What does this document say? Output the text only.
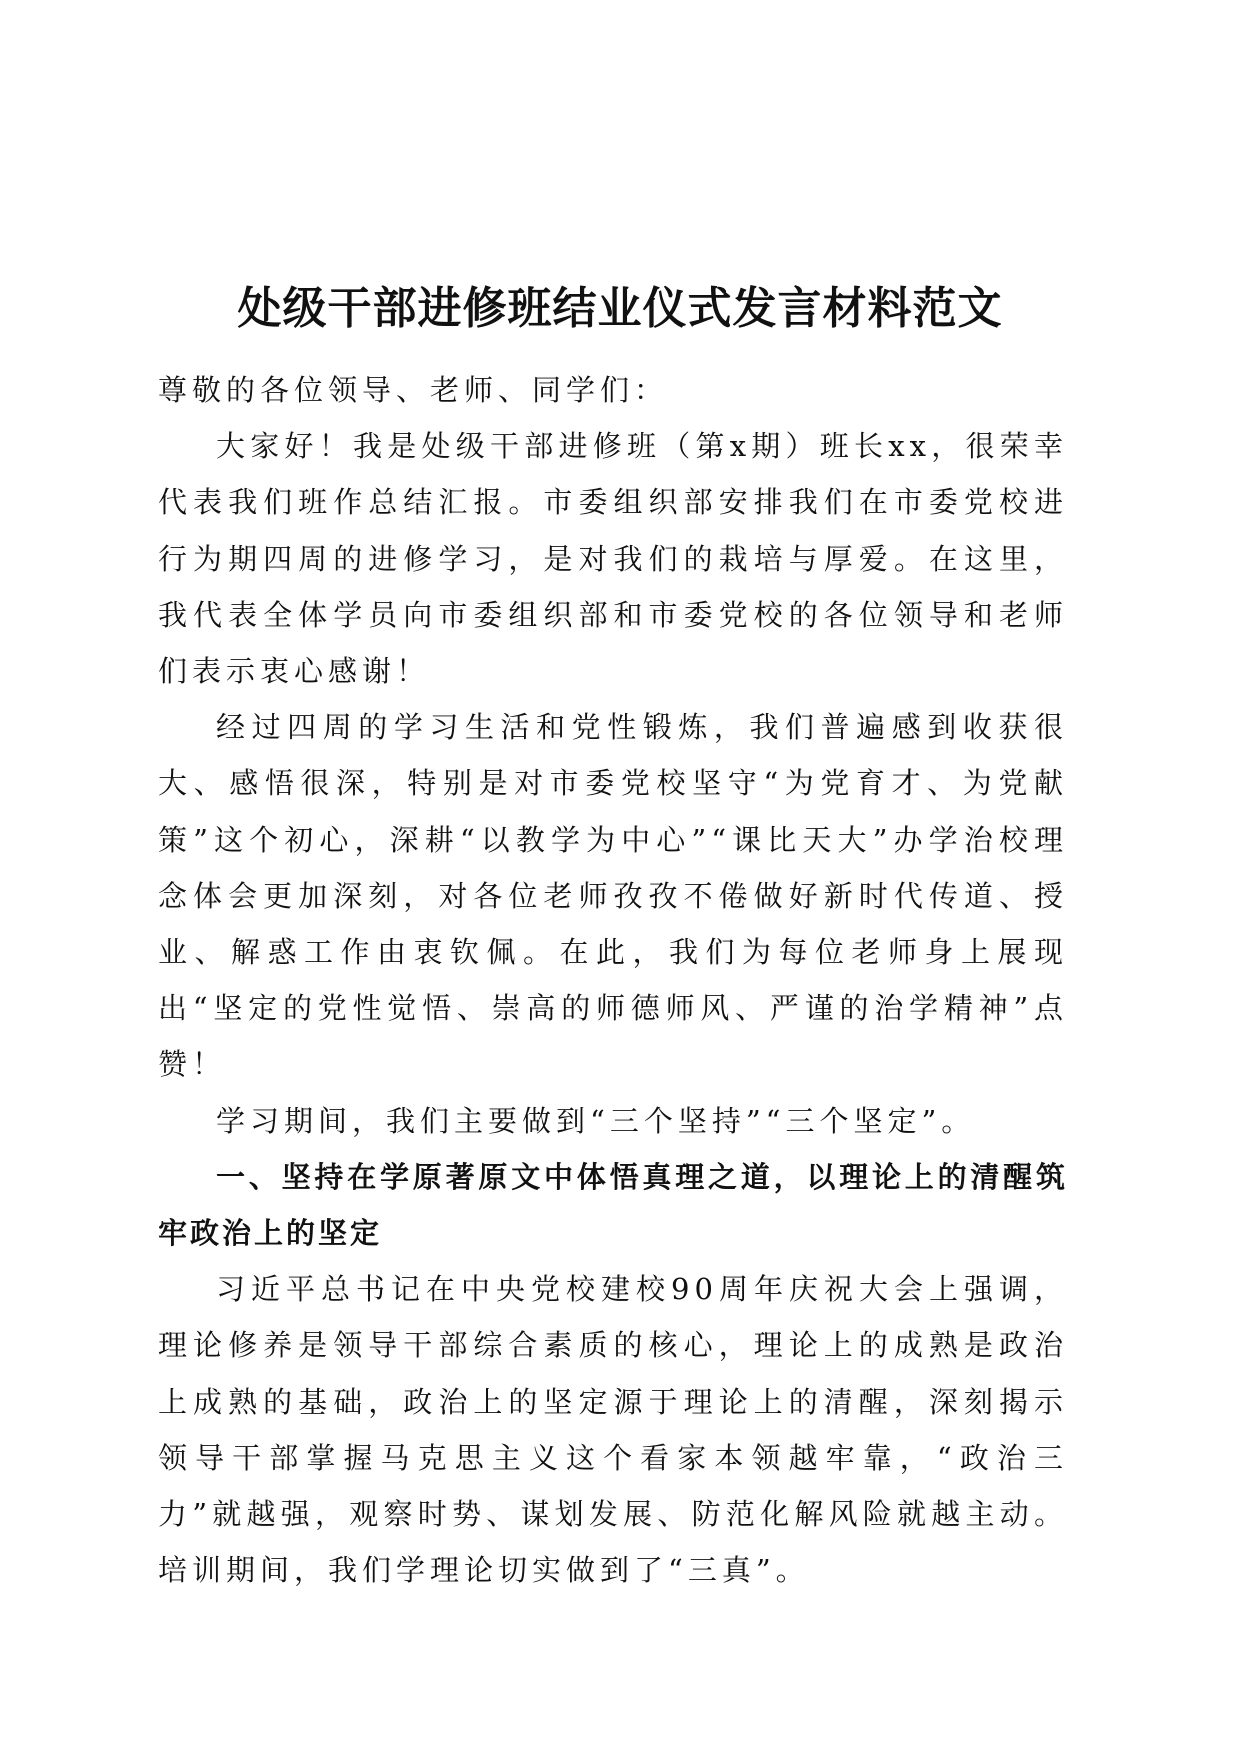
处级干部进修班结业仪式发言材料范文

尊敬的各位领导、老师、同学们：

大家好！我是处级干部进修班（第x期）班长xx，很荣幸代表我们班作总结汇报。市委组织部安排我们在市委党校进行为期四周的进修学习，是对我们的栽培与厚爱。在这里，我代表全体学员向市委组织部和市委党校的各位领导和老师们表示衷心感谢！

经过四周的学习生活和党性锻炼，我们普遍感到收获很大、感悟很深，特别是对市委党校坚守“为党育才、为党献策”这个初心，深耕“以教学为中心”“课比天大”办学治校理念体会更加深刻，对各位老师孜孜不倦做好新时代传道、授业、解惑工作由衷钦佩。在此，我们为每位老师身上展现出“坚定的党性觉悟、崇高的师德师风、严谨的治学精神”点赞！

学习期间，我们主要做到“三个坚持”“三个坚定”。

一、坚持在学原著原文中体悟真理之道，以理论上的清醒筑牢政治上的坚定

习近平总书记在中央党校建校90周年庆祝大会上强调，理论修养是领导干部综合素质的核心，理论上的成熟是政治上成熟的基础，政治上的坚定源于理论上的清醒，深刻揭示领导干部掌握马克思主义这个看家本领越牢靠，“政治三力”就越强，观察时势、谋划发展、防范化解风险就越主动。培训期间，我们学理论切实做到了“三真”。
